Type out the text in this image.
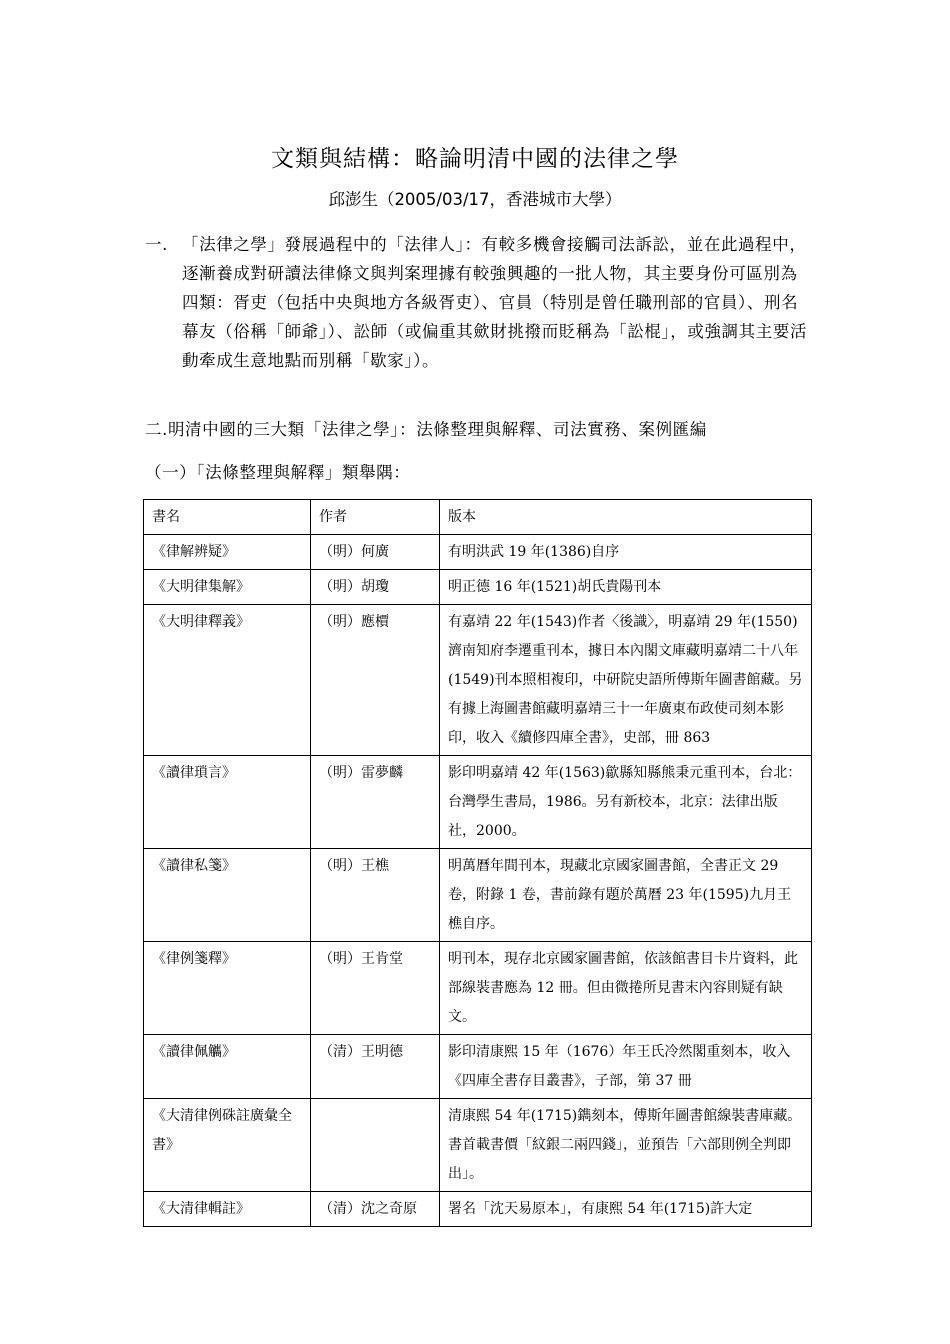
文類與結構：略論明清中國的法律之學
邱澎生（2005/03/17，香港城市大學）
一. 「法律之學」發展過程中的「法律人」：有較多機會接觸司法訴訟，並在此過程中，逐漸養成對研讀法律條文與判案理據有較強興趣的一批人物，其主要身份可區別為四類：胥吏（包括中央與地方各級胥吏）、官員（特別是曾任職刑部的官員）、刑名幕友（俗稱「師爺」）、訟師（或偏重其歛財挑撥而貶稱為「訟棍」，或強調其主要活動牽成生意地點而別稱「歇家」）。
二.明清中國的三大類「法律之學」：法條整理與解釋、司法實務、案例匯編
（一）「法條整理與解釋」類舉隅：
書名	作者	版本
《律解辨疑》	（明）何廣	有明洪武 19 年(1386)自序
《大明律集解》	（明）胡瓊	明正德 16 年(1521)胡氏貴陽刊本
《大明律釋義》	（明）應檟	有嘉靖 22 年(1543)作者〈後識〉，明嘉靖 29 年(1550)濟南知府李遷重刊本，據日本內閣文庫藏明嘉靖二十八年(1549)刊本照相複印，中研院史語所傅斯年圖書館藏。另有據上海圖書館藏明嘉靖三十一年廣東布政使司刻本影印，收入《續修四庫全書》，史部，冊 863
《讀律瑣言》	（明）雷夢麟	影印明嘉靖 42 年(1563)歙縣知縣熊秉元重刊本，台北：台灣學生書局，1986。另有新校本，北京：法律出版社，2000。
《讀律私箋》	（明）王樵	明萬曆年間刊本，現藏北京國家圖書館，全書正文 29 卷，附錄 1 卷，書前錄有題於萬曆 23 年(1595)九月王樵自序。
《律例箋釋》	（明）王肯堂	明刊本，現存北京國家圖書館，依該館書目卡片資料，此部線裝書應為 12 冊。但由微捲所見書末內容則疑有缺文。
《讀律佩觿》	（清）王明德	影印清康熙 15 年（1676）年王氏冷然閣重刻本，收入《四庫全書存目叢書》，子部，第 37 冊
《大清律例硃註廣彙全書》		清康熙 54 年(1715)鐫刻本，傅斯年圖書館線裝書庫藏。書首載書價「紋銀二兩四錢」，並預告「六部則例全判即出」。
《大清律輯註》	（清）沈之奇原	署名「沈天易原本」，有康熙 54 年(1715)許大定
